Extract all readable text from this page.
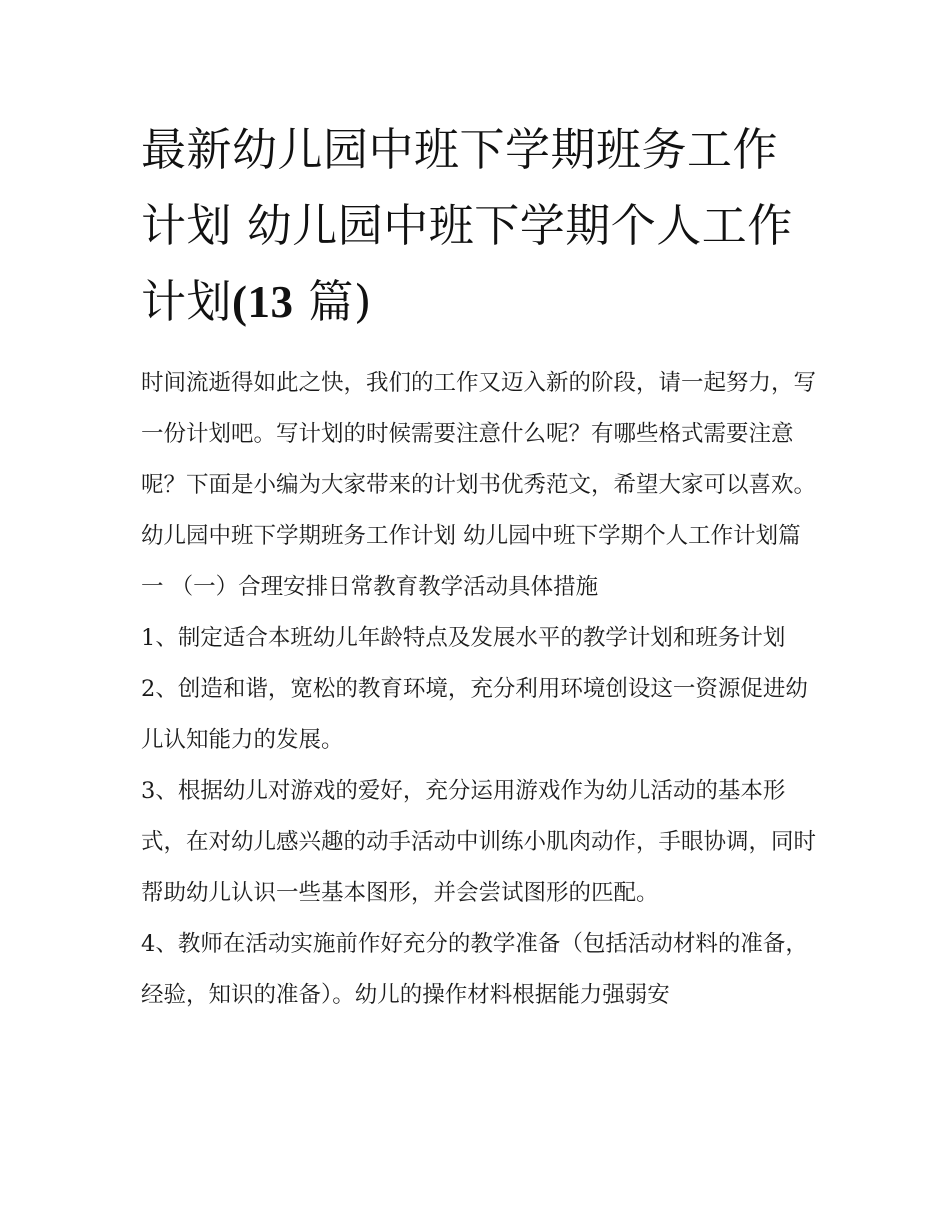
最新幼儿园中班下学期班务工作计划 幼儿园中班下学期个人工作计划(13 篇)

时间流逝得如此之快，我们的工作又迈入新的阶段，请一起努力，写一份计划吧。写计划的时候需要注意什么呢？有哪些格式需要注意呢？下面是小编为大家带来的计划书优秀范文，希望大家可以喜欢。

幼儿园中班下学期班务工作计划 幼儿园中班下学期个人工作计划篇一 （一）合理安排日常教育教学活动具体措施

1、制定适合本班幼儿年龄特点及发展水平的教学计划和班务计划 2、创造和谐，宽松的教育环境，充分利用环境创设这一资源促进幼儿认知能力的发展。

3、根据幼儿对游戏的爱好，充分运用游戏作为幼儿活动的基本形式，在对幼儿感兴趣的动手活动中训练小肌肉动作，手眼协调，同时帮助幼儿认识一些基本图形，并会尝试图形的匹配。

4、教师在活动实施前作好充分的教学准备（包括活动材料的准备，经验，知识的准备）。幼儿的操作材料根据能力强弱安
